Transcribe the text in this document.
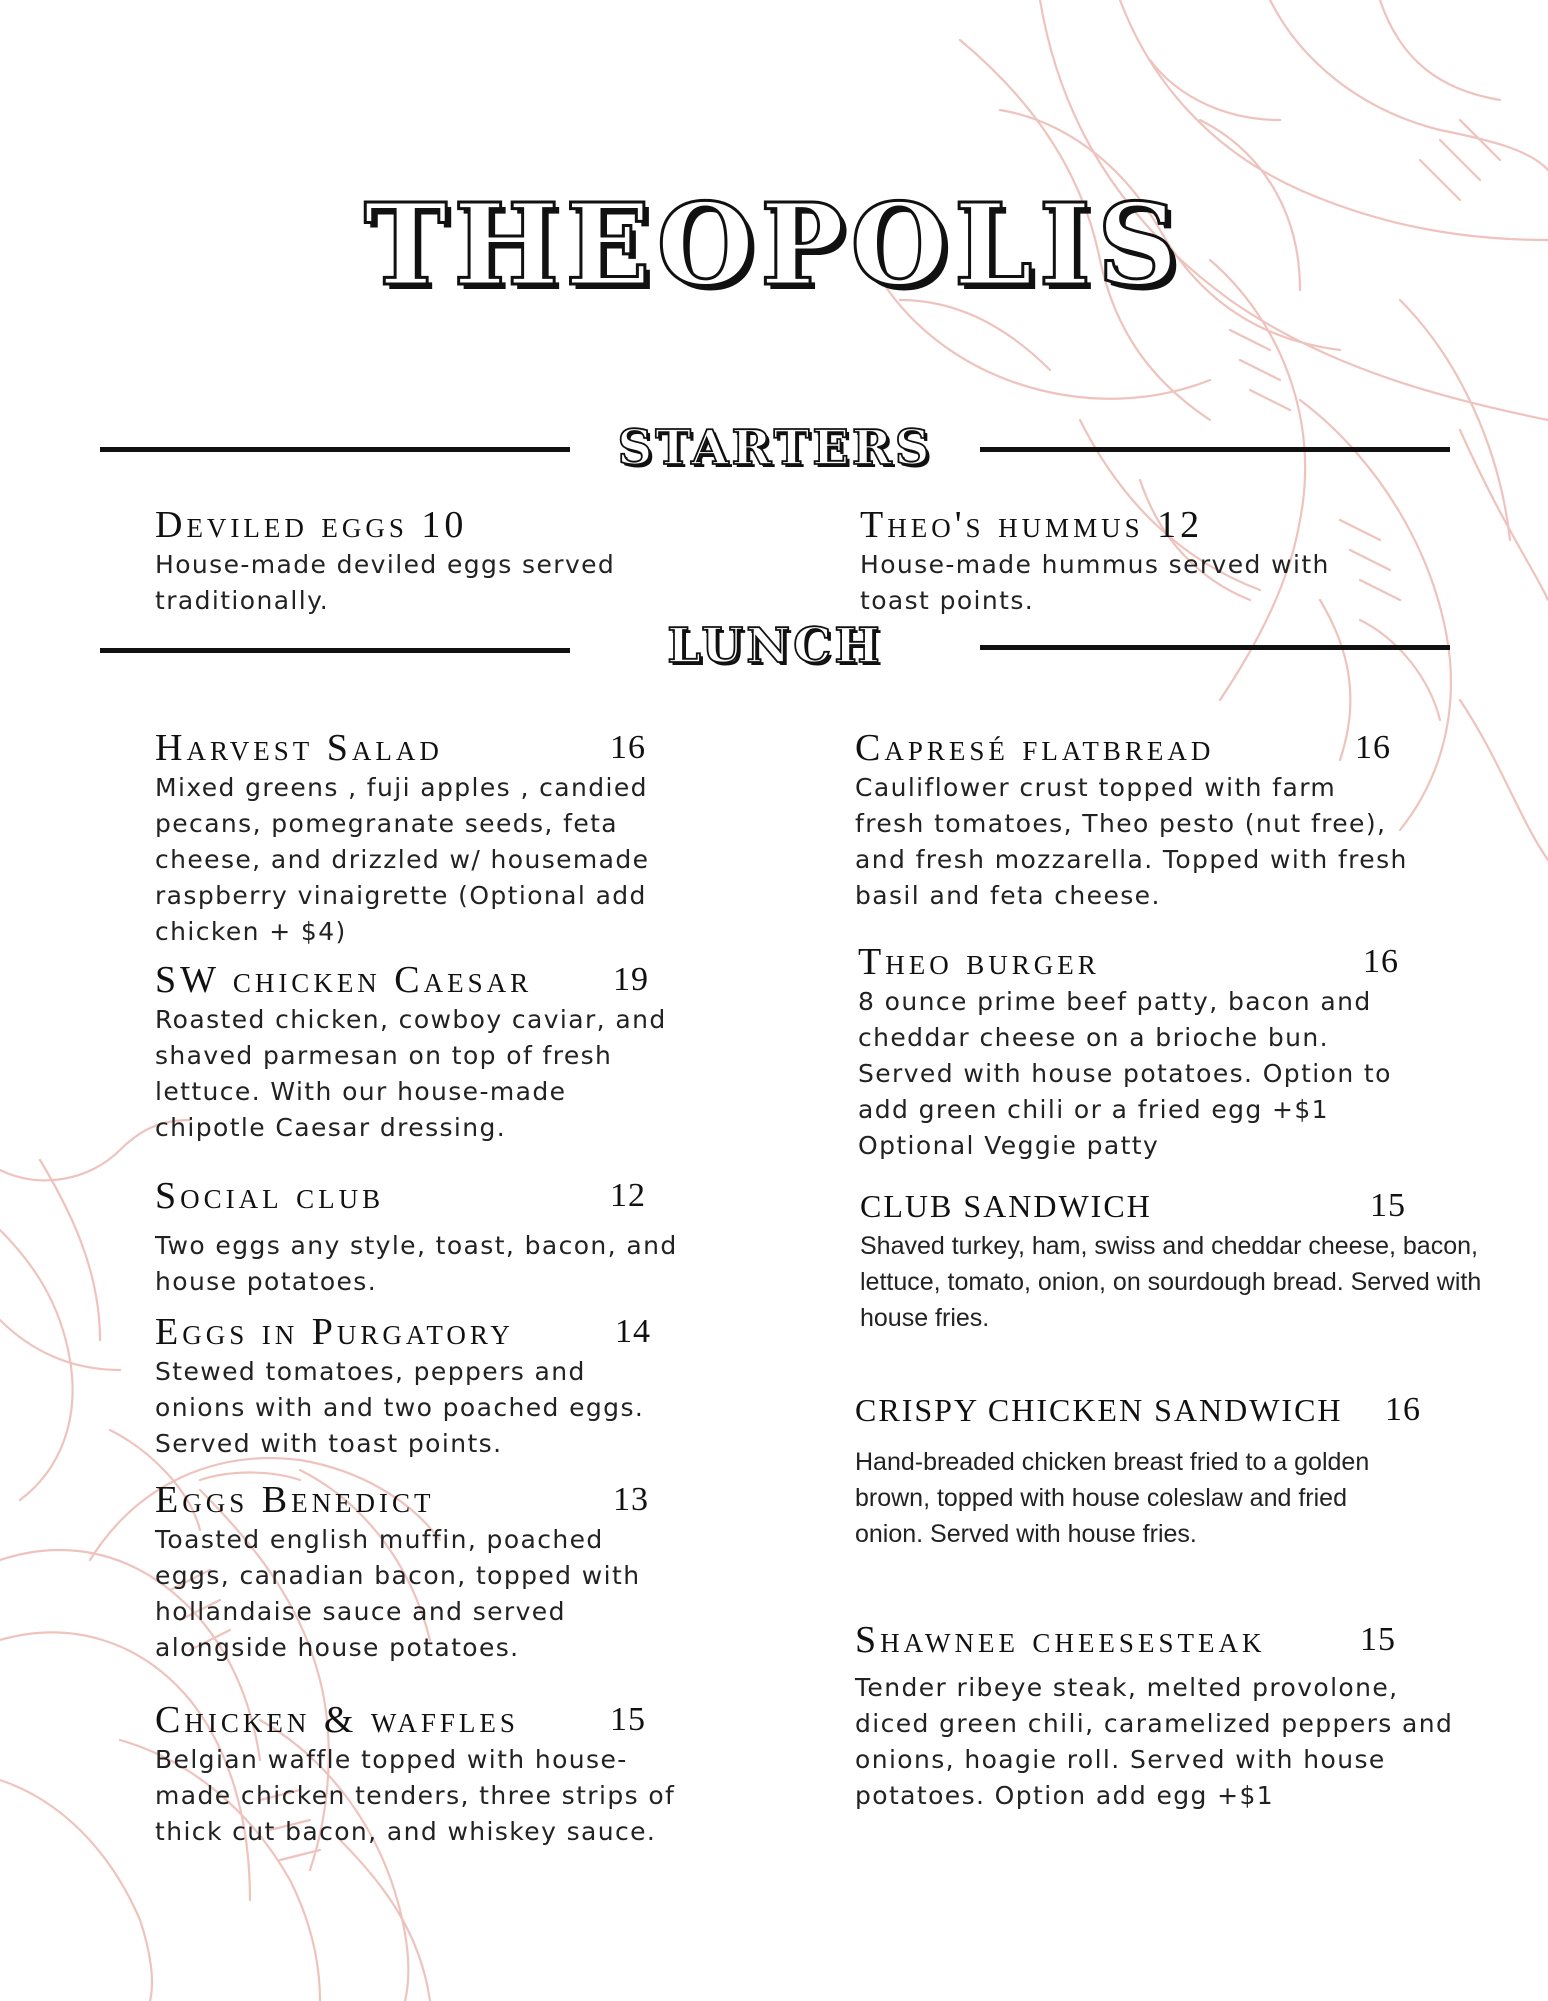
THEOPOLIS
STARTERS
Deviled eggs 10
House-made deviled eggs served traditionally.
Theo's hummus 12
House-made hummus served with toast points.
LUNCH
Harvest Salad	16
Mixed greens , fuji apples , candied pecans, pomegranate seeds, feta cheese, and drizzled w/ housemade raspberry vinaigrette (Optional add chicken + $4)
SW chicken Caesar 19
Roasted chicken, cowboy caviar, and shaved parmesan on top of fresh lettuce. With our house-made chipotle Caesar dressing.
Social club	12
Two eggs any style, toast, bacon, and house potatoes.
Eggs in Purgatory	14
Stewed tomatoes, peppers and onions with and two poached eggs. Served with toast points.
Eggs Benedict	13
Toasted english muffin, poached eggs, canadian bacon, topped with hollandaise sauce and served alongside house potatoes.
Chicken & waffles	15
Belgian waffle topped with house-made chicken tenders, three strips of thick cut bacon, and whiskey sauce.
Capresé flatbread	16
Cauliflower crust topped with farm fresh tomatoes, Theo pesto (nut free), and fresh mozzarella. Topped with fresh basil and feta cheese.
Theo burger	16
8 ounce prime beef patty, bacon and cheddar cheese on a brioche bun. Served with house potatoes. Option to add green chili or a fried egg +$1 Optional Veggie patty
CLUB SANDWICH	15
Shaved turkey, ham, swiss and cheddar cheese, bacon, lettuce, tomato, onion, on sourdough bread. Served with house fries.
CRISPY CHICKEN SANDWICH 16
Hand-breaded chicken breast fried to a golden brown, topped with house coleslaw and fried onion. Served with house fries.
Shawnee cheesesteak	15
Tender ribeye steak, melted provolone, diced green chili, caramelized peppers and onions, hoagie roll. Served with house potatoes. Option add egg +$1
